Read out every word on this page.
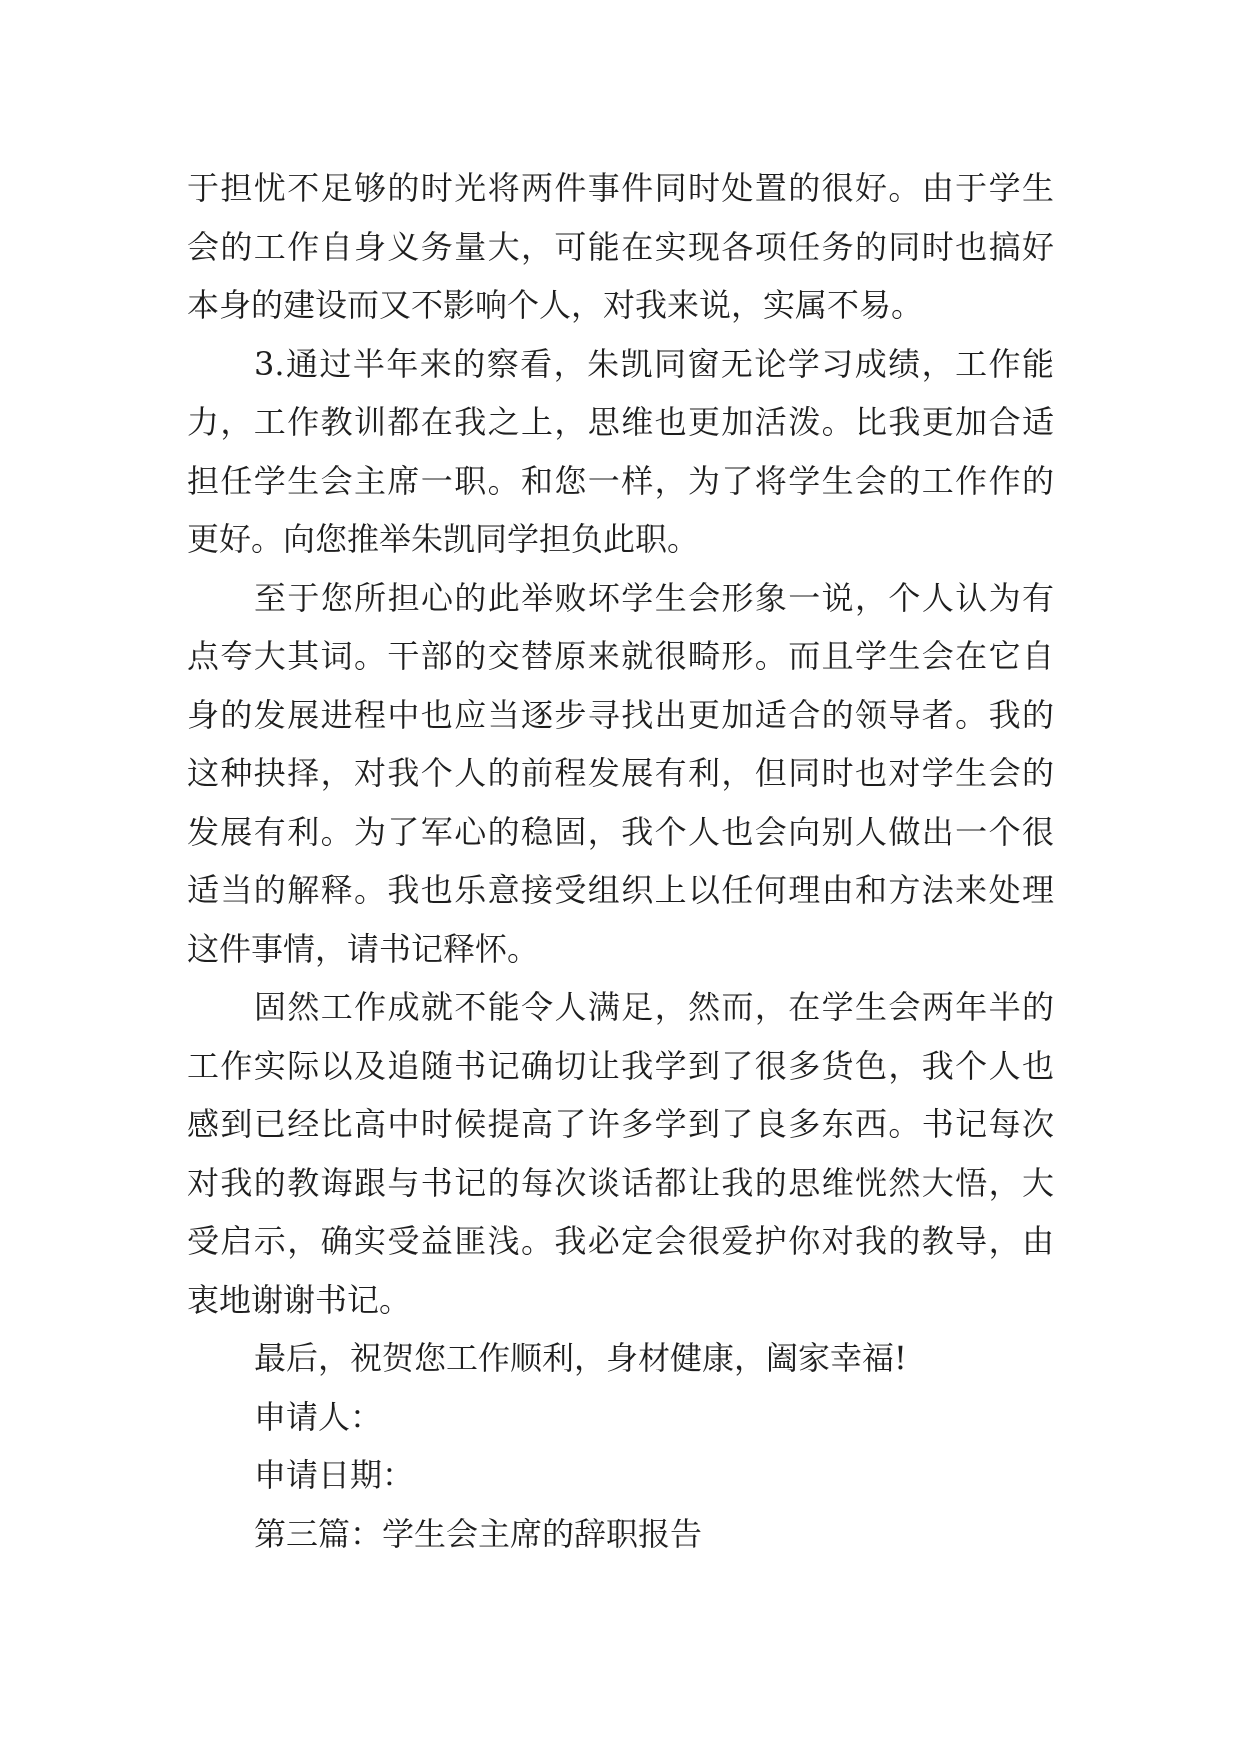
于担忧不足够的时光将两件事件同时处置的很好。由于学生
会的工作自身义务量大，可能在实现各项任务的同时也搞好
本身的建设而又不影响个人，对我来说，实属不易。
3.通过半年来的察看，朱凯同窗无论学习成绩，工作能
力，工作教训都在我之上，思维也更加活泼。比我更加合适
担任学生会主席一职。和您一样，为了将学生会的工作作的
更好。向您推举朱凯同学担负此职。
至于您所担心的此举败坏学生会形象一说，个人认为有
点夸大其词。干部的交替原来就很畸形。而且学生会在它自
身的发展进程中也应当逐步寻找出更加适合的领导者。我的
这种抉择，对我个人的前程发展有利，但同时也对学生会的
发展有利。为了军心的稳固，我个人也会向别人做出一个很
适当的解释。我也乐意接受组织上以任何理由和方法来处理
这件事情，请书记释怀。
固然工作成就不能令人满足，然而，在学生会两年半的
工作实际以及追随书记确切让我学到了很多货色，我个人也
感到已经比高中时候提高了许多学到了良多东西。书记每次
对我的教诲跟与书记的每次谈话都让我的思维恍然大悟，大
受启示，确实受益匪浅。我必定会很爱护你对我的教导，由
衷地谢谢书记。
最后，祝贺您工作顺利，身材健康，阖家幸福!
申请人：
申请日期：
第三篇：学生会主席的辞职报告
